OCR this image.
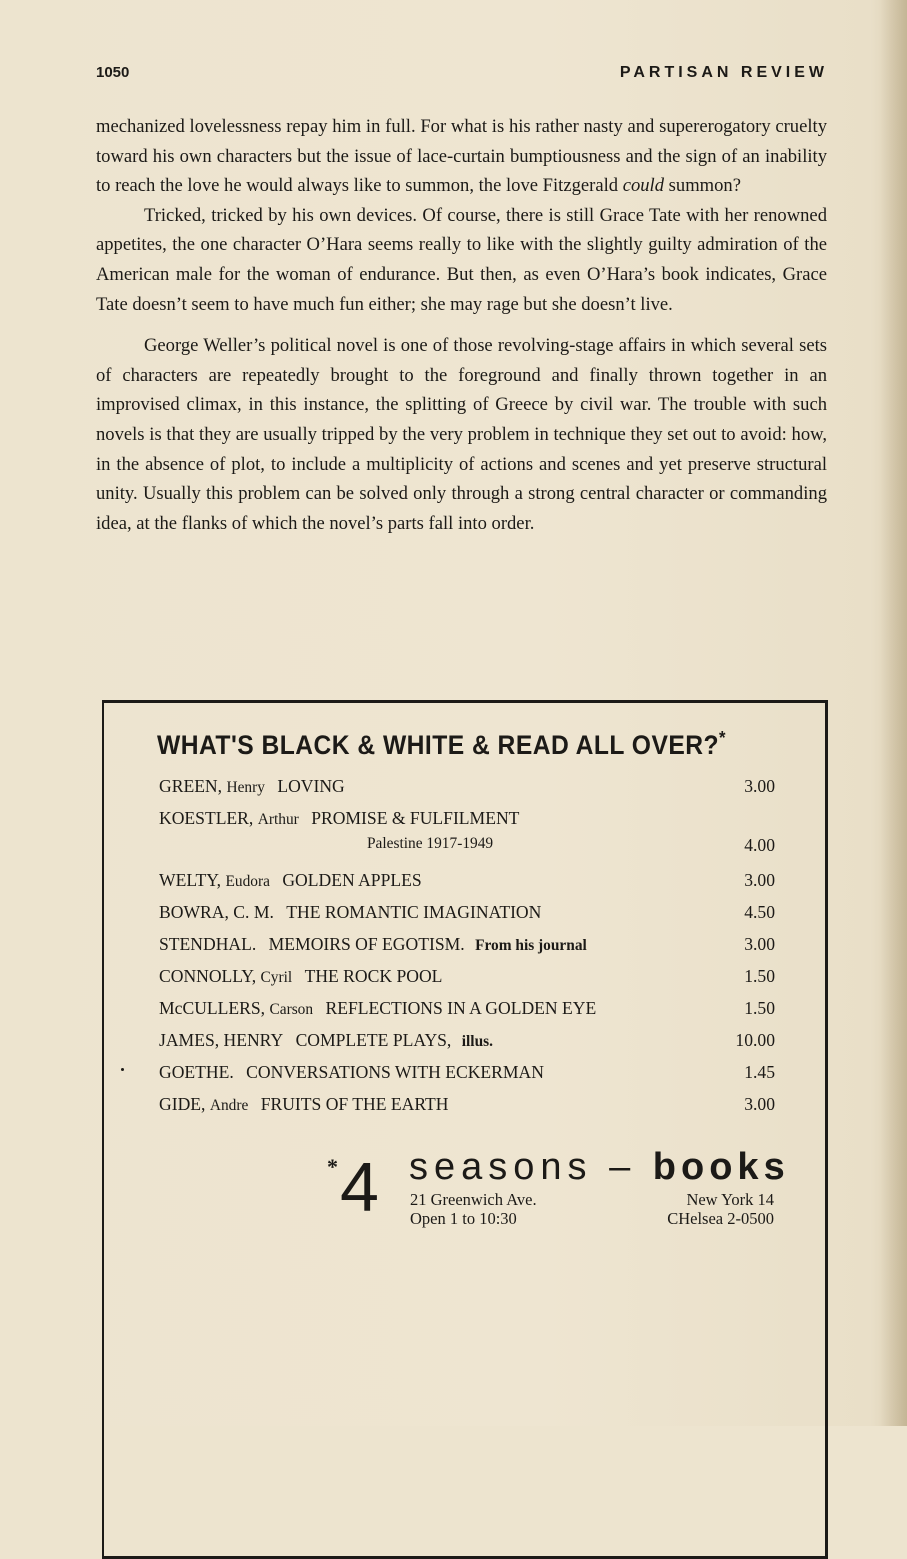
1050	PARTISAN REVIEW

mechanized lovelessness repay him in full. For what is his rather nasty and supererogatory cruelty toward his own characters but the issue of lace-curtain bumptiousness and the sign of an inability to reach the love he would always like to summon, the love Fitzgerald could summon?

Tricked, tricked by his own devices. Of course, there is still Grace Tate with her renowned appetites, the one character O’Hara seems really to like with the slightly guilty admiration of the American male for the woman of endurance. But then, as even O’Hara’s book indicates, Grace Tate doesn’t seem to have much fun either; she may rage but she doesn’t live.

George Weller’s political novel is one of those revolving-stage affairs in which several sets of characters are repeatedly brought to the foreground and finally thrown together in an improvised climax, in this instance, the splitting of Greece by civil war. The trouble with such novels is that they are usually tripped by the very problem in technique they set out to avoid: how, in the absence of plot, to include a multiplicity of actions and scenes and yet preserve structural unity. Usually this problem can be solved only through a strong central character or commanding idea, at the flanks of which the novel’s parts fall into order.

WHAT'S BLACK & WHITE & READ ALL OVER?*
GREEN, Henry LOVING	3.00
KOESTLER, Arthur PROMISE & FULFILMENT
Palestine 1917-1949	4.00
WELTY, Eudora GOLDEN APPLES	3.00
BOWRA, C. M. THE ROMANTIC IMAGINATION	4.50
STENDHAL. MEMOIRS OF EGOTISM. From his journal	3.00
CONNOLLY, Cyril THE ROCK POOL	1.50
McCULLERS, Carson REFLECTIONS IN A GOLDEN EYE	1.50
JAMES, HENRY COMPLETE PLAYS, illus.	10.00
GOETHE. CONVERSATIONS WITH ECKERMAN	1.45
GIDE, Andre FRUITS OF THE EARTH	3.00
* 4 seasons – books
21 Greenwich Ave.	New York 14
Open 1 to 10:30	CHelsea 2-0500
